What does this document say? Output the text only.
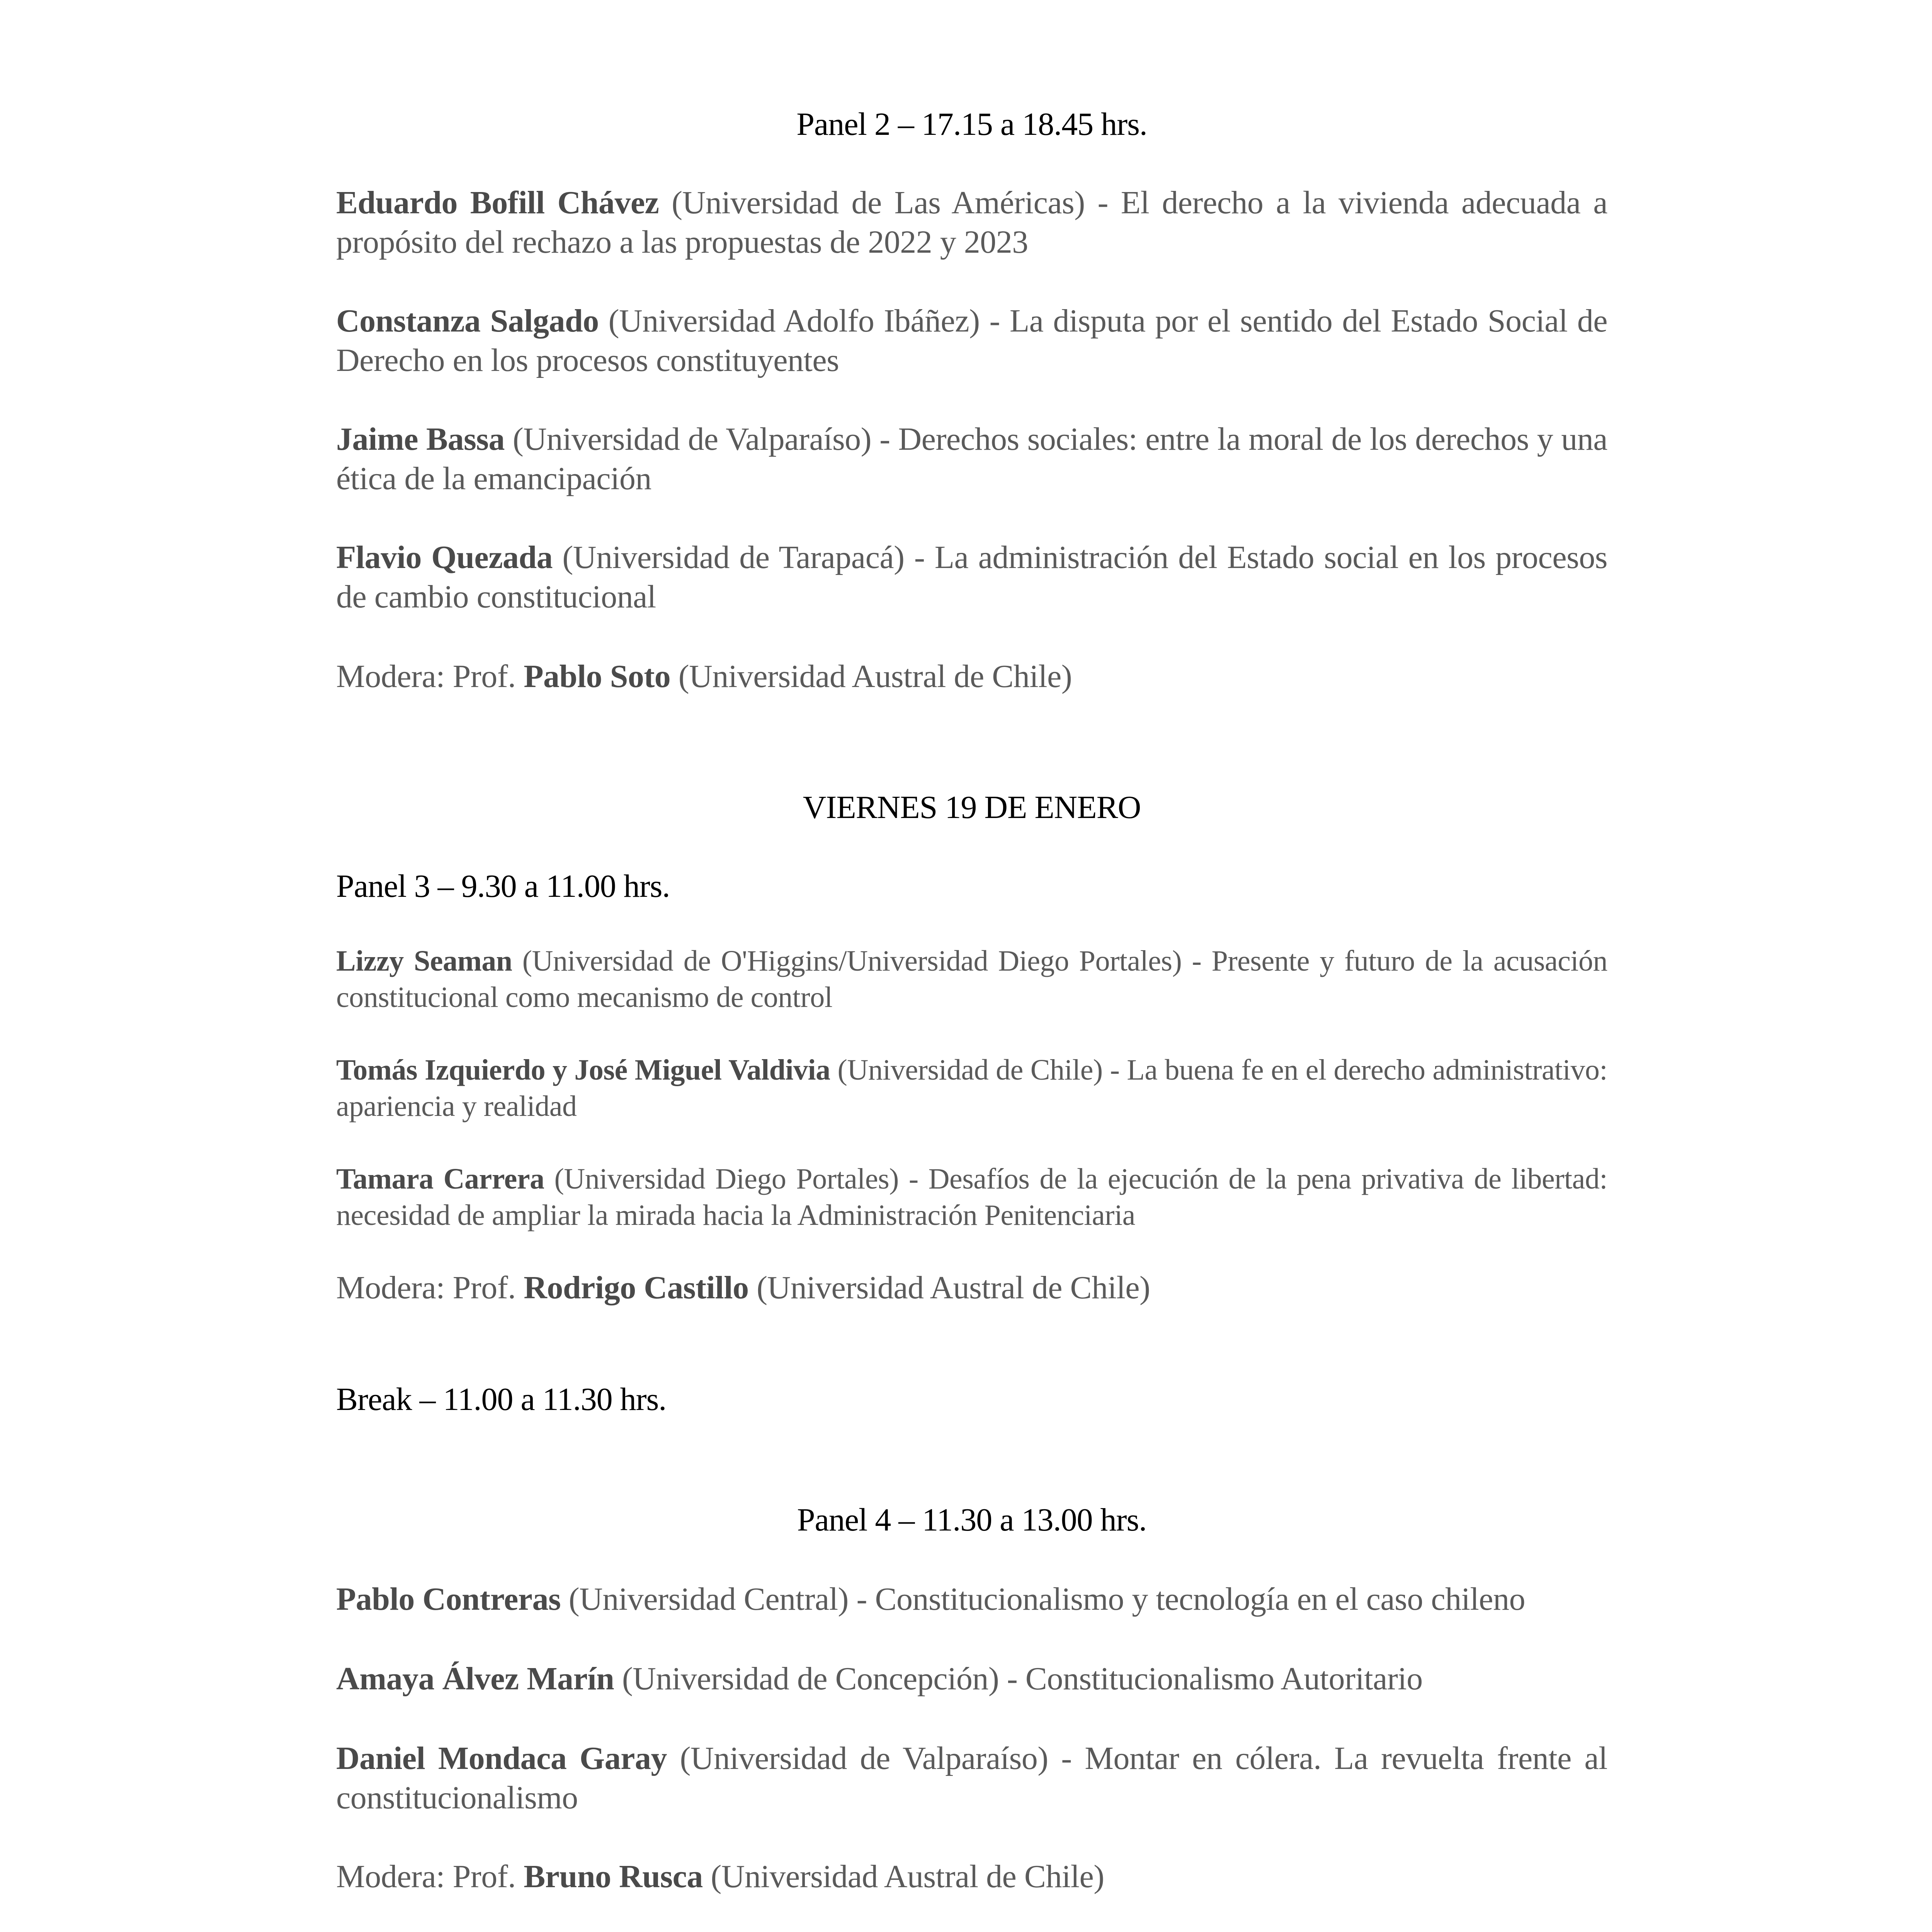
Panel 2 – 17.15 a 18.45 hrs.
Eduardo Bofill Chávez (Universidad de Las Américas) - El derecho a la vivienda adecuada a propósito del rechazo a las propuestas de 2022 y 2023
Constanza Salgado (Universidad Adolfo Ibáñez) - La disputa por el sentido del Estado Social de Derecho en los procesos constituyentes
Jaime Bassa (Universidad de Valparaíso) - Derechos sociales: entre la moral de los derechos y una ética de la emancipación
Flavio Quezada (Universidad de Tarapacá) - La administración del Estado social en los procesos de cambio constitucional
Modera: Prof. Pablo Soto (Universidad Austral de Chile)
VIERNES 19 DE ENERO
Panel 3 – 9.30 a 11.00 hrs.
Lizzy Seaman (Universidad de O'Higgins/Universidad Diego Portales) - Presente y futuro de la acusación constitucional como mecanismo de control
Tomás Izquierdo y José Miguel Valdivia (Universidad de Chile) - La buena fe en el derecho administrativo: apariencia y realidad
Tamara Carrera (Universidad Diego Portales) - Desafíos de la ejecución de la pena privativa de libertad: necesidad de ampliar la mirada hacia la Administración Penitenciaria
Modera: Prof. Rodrigo Castillo (Universidad Austral de Chile)
Break – 11.00 a 11.30 hrs.
Panel 4 – 11.30 a 13.00 hrs.
Pablo Contreras (Universidad Central) - Constitucionalismo y tecnología en el caso chileno
Amaya Álvez Marín (Universidad de Concepción) - Constitucionalismo Autoritario
Daniel Mondaca Garay (Universidad de Valparaíso) - Montar en cólera. La revuelta frente al constitucionalismo
Modera: Prof. Bruno Rusca (Universidad Austral de Chile)
